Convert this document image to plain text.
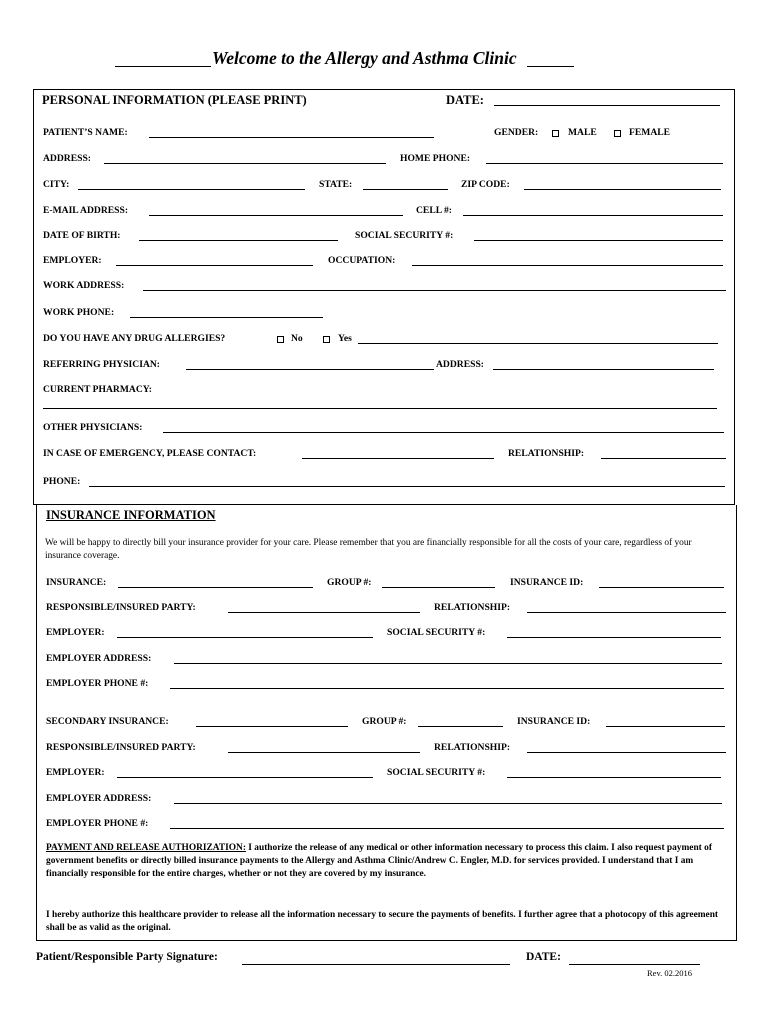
Welcome to the Allergy and Asthma Clinic
PERSONAL INFORMATION (PLEASE PRINT)	DATE:
PATIENT’S NAME:	GENDER:	MALE	FEMALE
ADDRESS:	HOME PHONE:
CITY:	STATE:	ZIP CODE:
E-MAIL ADDRESS:	CELL #:
DATE OF BIRTH:	SOCIAL SECURITY #:
EMPLOYER:	OCCUPATION:
WORK ADDRESS:
WORK PHONE:
DO YOU HAVE ANY DRUG ALLERGIES?	No	Yes
REFERRING PHYSICIAN:	ADDRESS:
CURRENT PHARMACY:
OTHER PHYSICIANS:
IN CASE OF EMERGENCY, PLEASE CONTACT:	RELATIONSHIP:
PHONE:
INSURANCE INFORMATION
We will be happy to directly bill your insurance provider for your care. Please remember that you are financially responsible for all the costs of your care, regardless of your insurance coverage.
INSURANCE:	GROUP #:	INSURANCE ID:
RESPONSIBLE/INSURED PARTY:	RELATIONSHIP:
EMPLOYER:	SOCIAL SECURITY #:
EMPLOYER ADDRESS:
EMPLOYER PHONE #:
SECONDARY INSURANCE:	GROUP #:	INSURANCE ID:
RESPONSIBLE/INSURED PARTY:	RELATIONSHIP:
EMPLOYER:	SOCIAL SECURITY #:
EMPLOYER ADDRESS:
EMPLOYER PHONE #:
PAYMENT AND RELEASE AUTHORIZATION: I authorize the release of any medical or other information necessary to process this claim. I also request payment of government benefits or directly billed insurance payments to the Allergy and Asthma Clinic/Andrew C. Engler, M.D. for services provided. I understand that I am financially responsible for the entire charges, whether or not they are covered by my insurance.
I hereby authorize this healthcare provider to release all the information necessary to secure the payments of benefits. I further agree that a photocopy of this agreement shall be as valid as the original.
Patient/Responsible Party Signature:	DATE:
Rev. 02.2016
